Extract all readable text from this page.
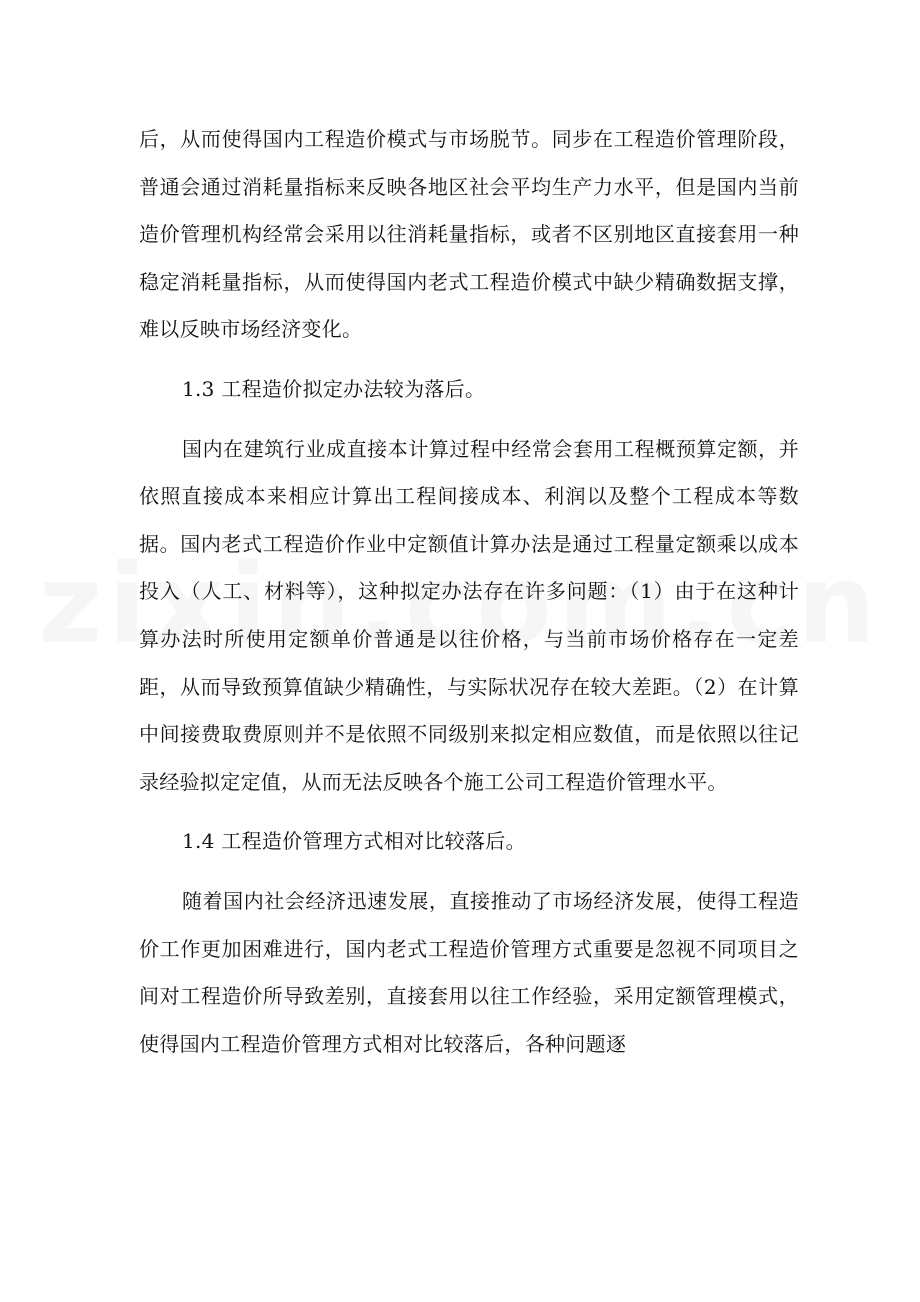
后，从而使得国内工程造价模式与市场脱节。同步在工程造价管理阶段，普通会通过消耗量指标来反映各地区社会平均生产力水平，但是国内当前造价管理机构经常会采用以往消耗量指标，或者不区别地区直接套用一种稳定消耗量指标，从而使得国内老式工程造价模式中缺少精确数据支撑，难以反映市场经济变化。

1.3 工程造价拟定办法较为落后。

国内在建筑行业成直接本计算过程中经常会套用工程概预算定额，并依照直接成本来相应计算出工程间接成本、利润以及整个工程成本等数据。国内老式工程造价作业中定额值计算办法是通过工程量定额乘以成本投入（人工、材料等），这种拟定办法存在许多问题：（1）由于在这种计算办法时所使用定额单价普通是以往价格，与当前市场价格存在一定差距，从而导致预算值缺少精确性，与实际状况存在较大差距。（2）在计算中间接费取费原则并不是依照不同级别来拟定相应数值，而是依照以往记录经验拟定定值，从而无法反映各个施工公司工程造价管理水平。

1.4 工程造价管理方式相对比较落后。

随着国内社会经济迅速发展，直接推动了市场经济发展，使得工程造价工作更加困难进行，国内老式工程造价管理方式重要是忽视不同项目之间对工程造价所导致差别，直接套用以往工作经验，采用定额管理模式，使得国内工程造价管理方式相对比较落后，各种问题逐
